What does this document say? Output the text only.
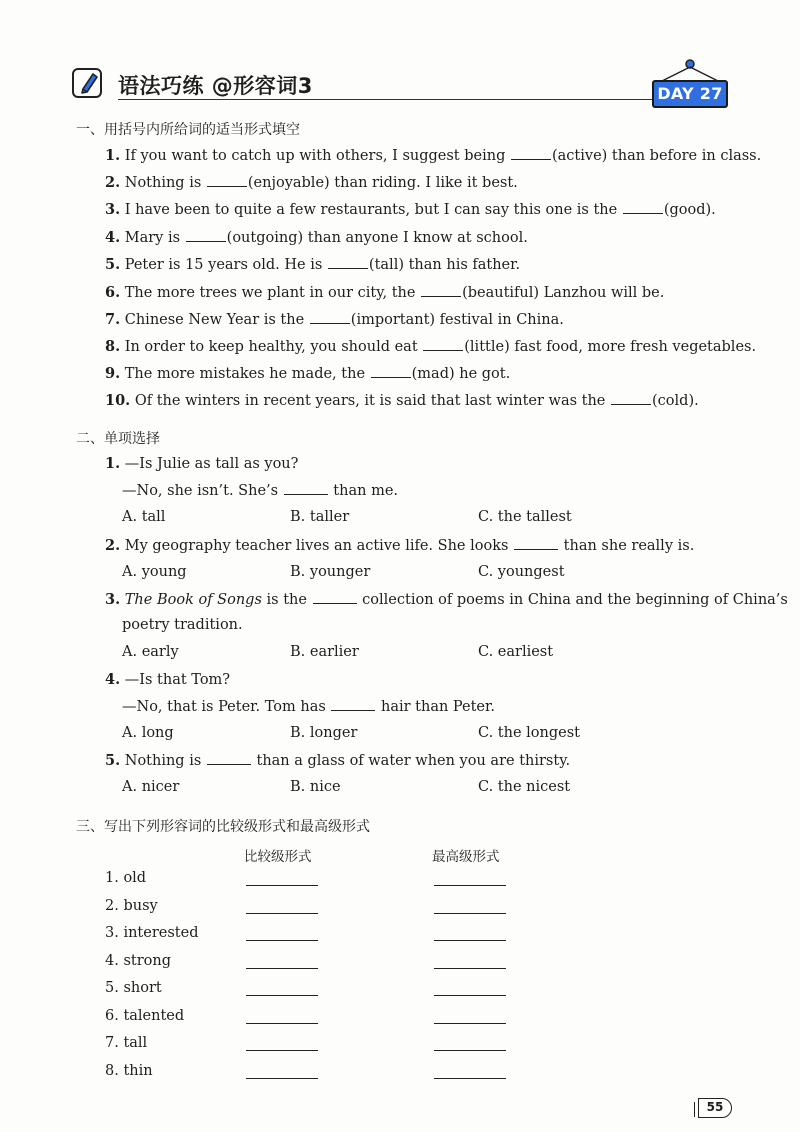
语法巧练 @形容词3	DAY 27
一、用括号内所给词的适当形式填空
1. If you want to catch up with others, I suggest being	(active) than before in class.
2. Nothing is	(enjoyable) than riding. I like it best.
3. I have been to quite a few restaurants, but I can say this one is the	(good).
4. Mary is	(outgoing) than anyone I know at school.
5. Peter is 15 years old. He is	(tall) than his father.
6. The more trees we plant in our city, the	(beautiful) Lanzhou will be.
7. Chinese New Year is the	(important) festival in China.
8. In order to keep healthy, you should eat	(little) fast food, more fresh vegetables.
9. The more mistakes he made, the	(mad) he got.
10. Of the winters in recent years, it is said that last winter was the	(cold).
二、单项选择
1. —Is Julie as tall as you?
—No, she isn’t. She’s	than me.
A. tall	B. taller	C. the tallest
2. My geography teacher lives an active life. She looks	than she really is.
A. young	B. younger	C. youngest
3. The Book of Songs is the	collection of poems in China and the beginning of China’s
poetry tradition.
A. early	B. earlier	C. earliest
4. —Is that Tom?
—No, that is Peter. Tom has	hair than Peter.
A. long	B. longer	C. the longest
5. Nothing is	than a glass of water when you are thirsty.
A. nicer	B. nice	C. the nicest
三、写出下列形容词的比较级形式和最高级形式
比较级形式	最高级形式
1. old
2. busy
3. interested
4. strong
5. short
6. talented
7. tall
8. thin
55
